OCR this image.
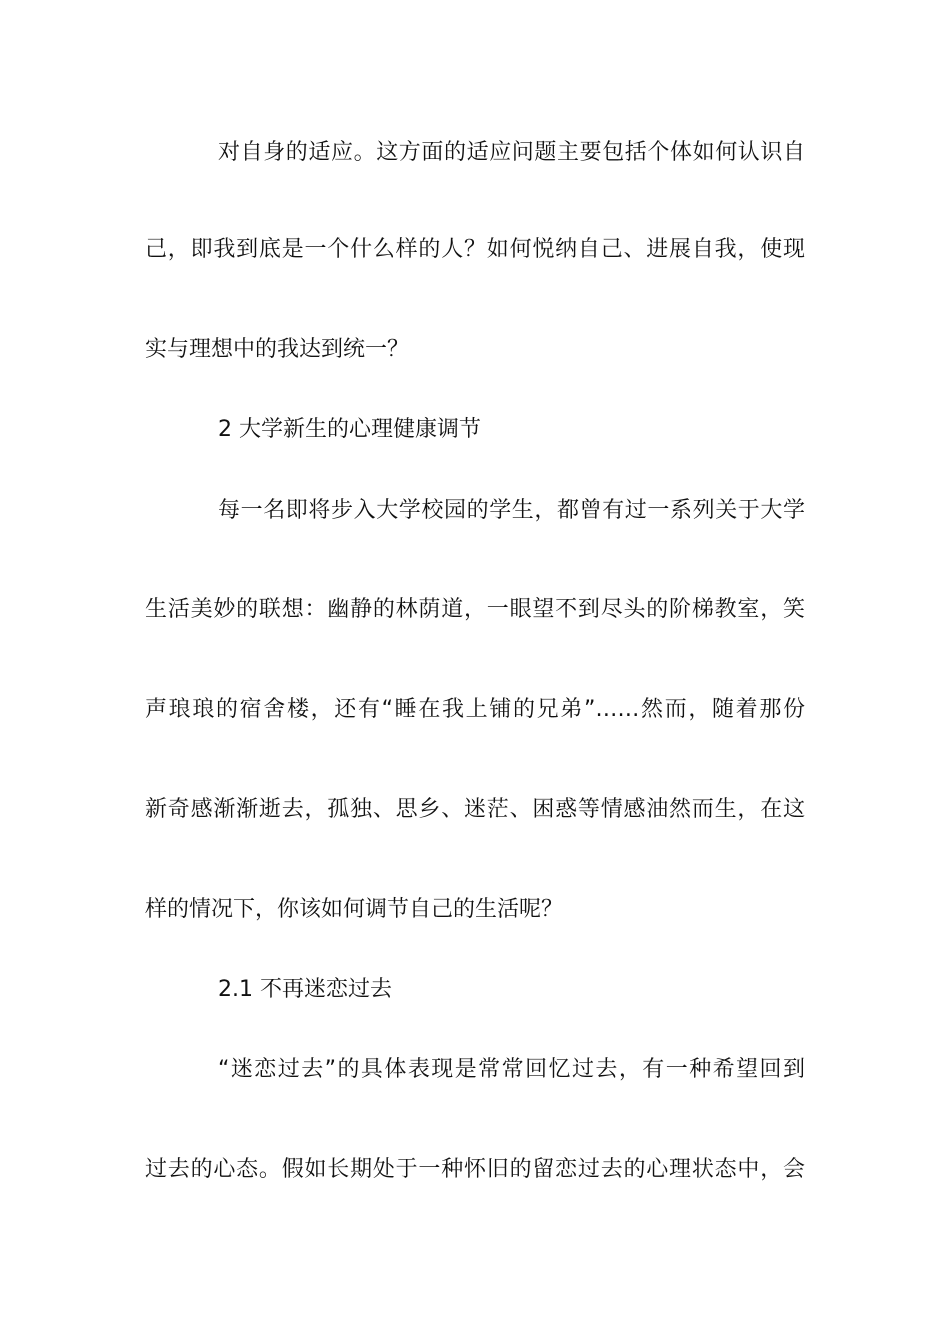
对自身的适应。这方面的适应问题主要包括个体如何认识自
己，即我到底是一个什么样的人？如何悦纳自己、进展自我，使现
实与理想中的我达到统一？
2 大学新生的心理健康调节
每一名即将步入大学校园的学生，都曾有过一系列关于大学
生活美妙的联想：幽静的林荫道，一眼望不到尽头的阶梯教室，笑
声琅琅的宿舍楼，还有“睡在我上铺的兄弟”……然而，随着那份
新奇感渐渐逝去，孤独、思乡、迷茫、困惑等情感油然而生，在这
样的情况下，你该如何调节自己的生活呢？
2.1 不再迷恋过去
“迷恋过去”的具体表现是常常回忆过去，有一种希望回到
过去的心态。假如长期处于一种怀旧的留恋过去的心理状态中，会
